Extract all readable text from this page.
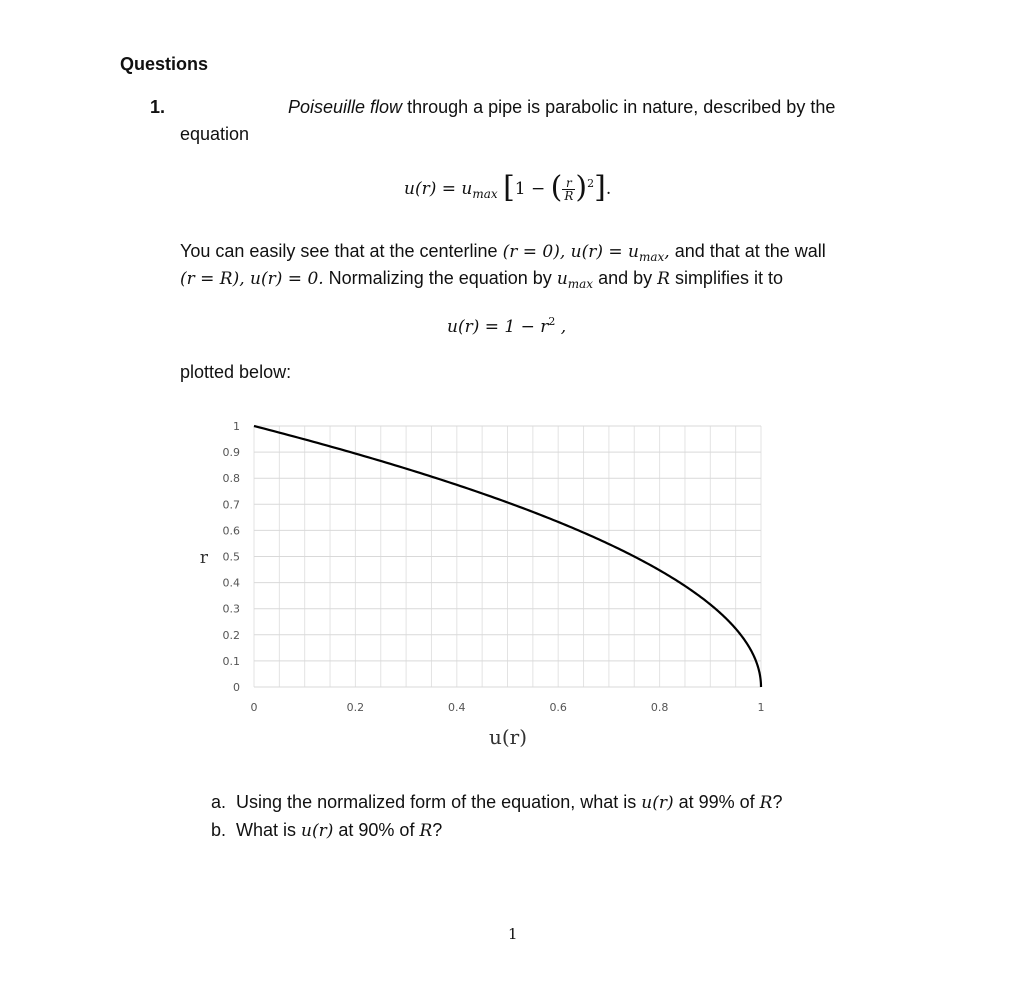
Questions
1.	Poiseuille flow through a pipe is parabolic in nature, described by the
equation
$u(r) = u_{max}$ [1 − ( $\frac{r}{R} )^2$].
You can easily see that at the centerline (r = 0), $u(r) = u_{max}$, and that at the wall
(r = R), u(r) = 0. Normalizing the equation by $u_{max}$ and by R simplifies it to
$u(r) = 1 - r^2$ ,
plotted below:
0
0.1
0.2
0.3
0.4
0.5
0.6
0.7
0.8
0.9
1
0	0.2	0.4	0.6	0.8	1
r
u(r)
a. Using the normalized form of the equation, what is u(r) at 99% of R?
b. What is u(r) at 90% of R?
1
